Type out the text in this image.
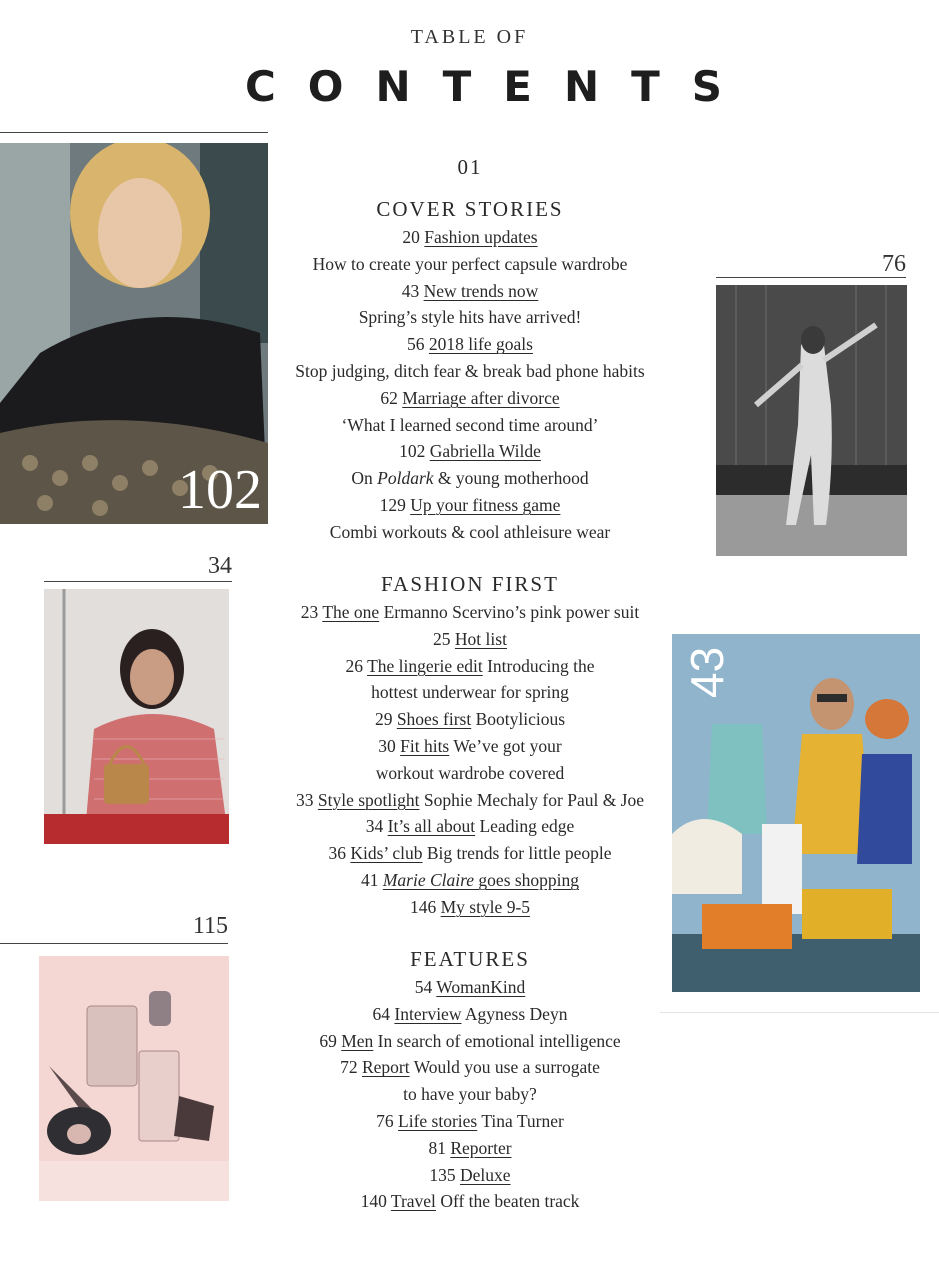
TABLE OF
CONTENTS
102
76
34
43
115
01
COVER STORIES
20 Fashion updates
How to create your perfect capsule wardrobe
43 New trends now
Spring’s style hits have arrived!
56 2018 life goals
Stop judging, ditch fear & break bad phone habits
62 Marriage after divorce
‘What I learned second time around’
102 Gabriella Wilde
On Poldark & young motherhood
129 Up your fitness game
Combi workouts & cool athleisure wear
FASHION FIRST
23 The one Ermanno Scervino’s pink power suit
25 Hot list
26 The lingerie edit Introducing the
hottest underwear for spring
29 Shoes first Bootylicious
30 Fit hits We’ve got your
workout wardrobe covered
33 Style spotlight Sophie Mechaly for Paul & Joe
34 It’s all about Leading edge
36 Kids’ club Big trends for little people
41 Marie Claire goes shopping
146 My style 9-5
FEATURES
54 WomanKind
64 Interview Agyness Deyn
69 Men In search of emotional intelligence
72 Report Would you use a surrogate
to have your baby?
76 Life stories Tina Turner
81 Reporter
135 Deluxe
140 Travel Off the beaten track
